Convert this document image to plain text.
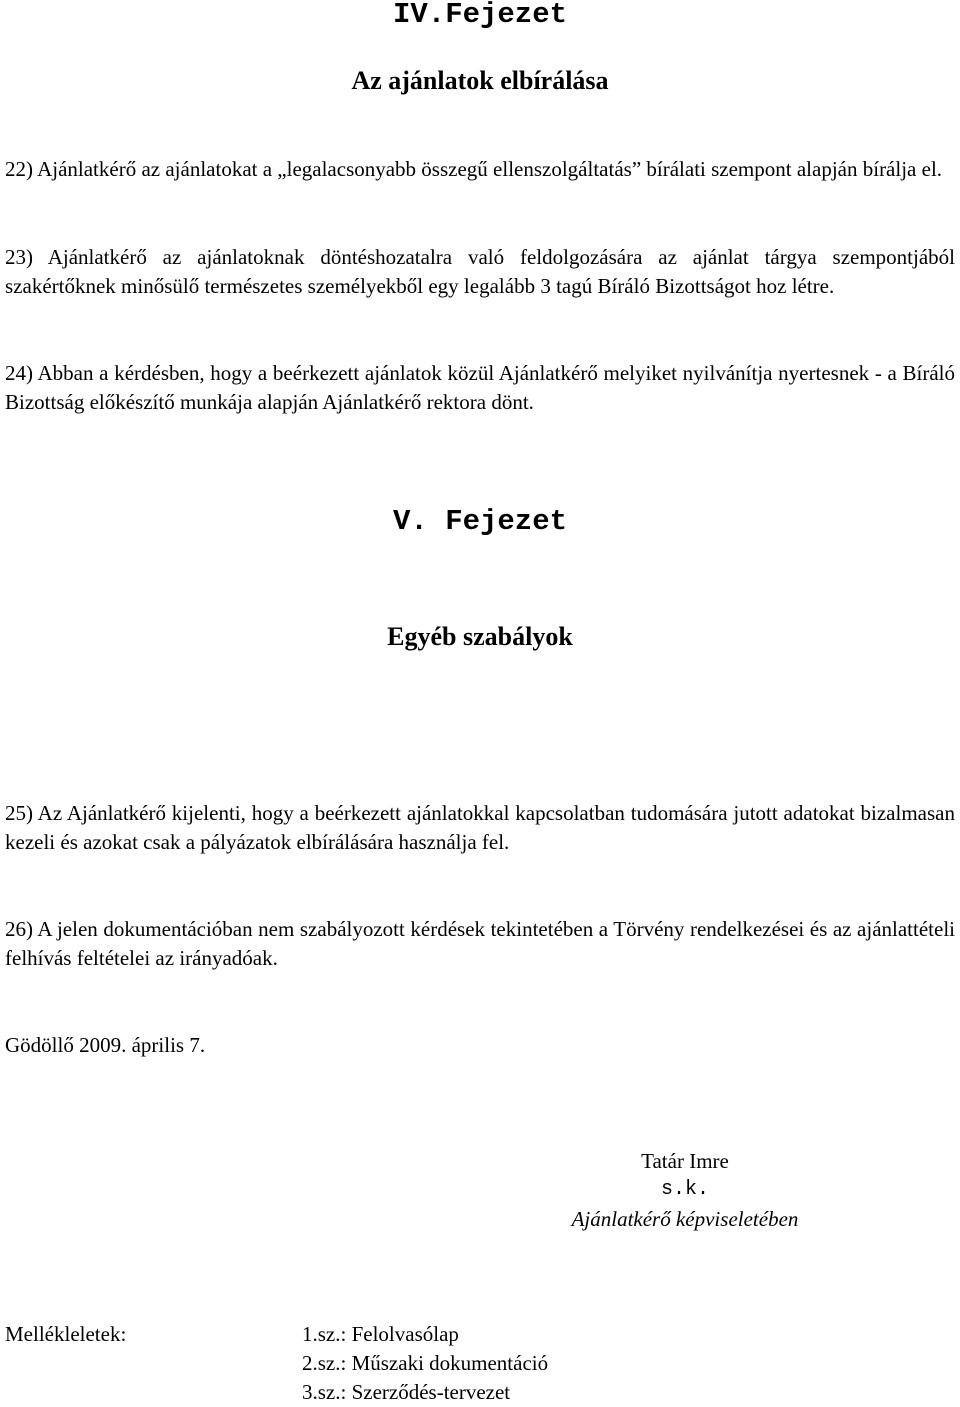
IV.Fejezet
Az ajánlatok elbírálása
22) Ajánlatkérő az ajánlatokat a „legalacsonyabb összegű ellenszolgáltatás” bírálati szempont alapján bírálja el.
23) Ajánlatkérő az ajánlatoknak döntéshozatalra való feldolgozására az ajánlat tárgya szempontjából szakértőknek minősülő természetes személyekből egy legalább 3 tagú Bíráló Bizottságot hoz létre.
24) Abban a kérdésben, hogy a beérkezett ajánlatok közül Ajánlatkérő melyiket nyilvánítja nyertesnek - a Bíráló Bizottság előkészítő munkája alapján Ajánlatkérő rektora dönt.
V. Fejezet
Egyéb szabályok
25) Az Ajánlatkérő kijelenti, hogy a beérkezett ajánlatokkal kapcsolatban tudomására jutott adatokat bizalmasan kezeli és azokat csak a pályázatok elbírálására használja fel.
26) A jelen dokumentációban nem szabályozott kérdések tekintetében a Törvény rendelkezései és az ajánlattételi felhívás feltételei az irányadóak.
Gödöllő 2009. április 7.
Tatár Imre
s.k.
Ajánlatkérő képviseletében
Mellékleletek:	1.sz.: Felolvasólap
2.sz.: Műszaki dokumentáció
3.sz.: Szerződés-tervezet
